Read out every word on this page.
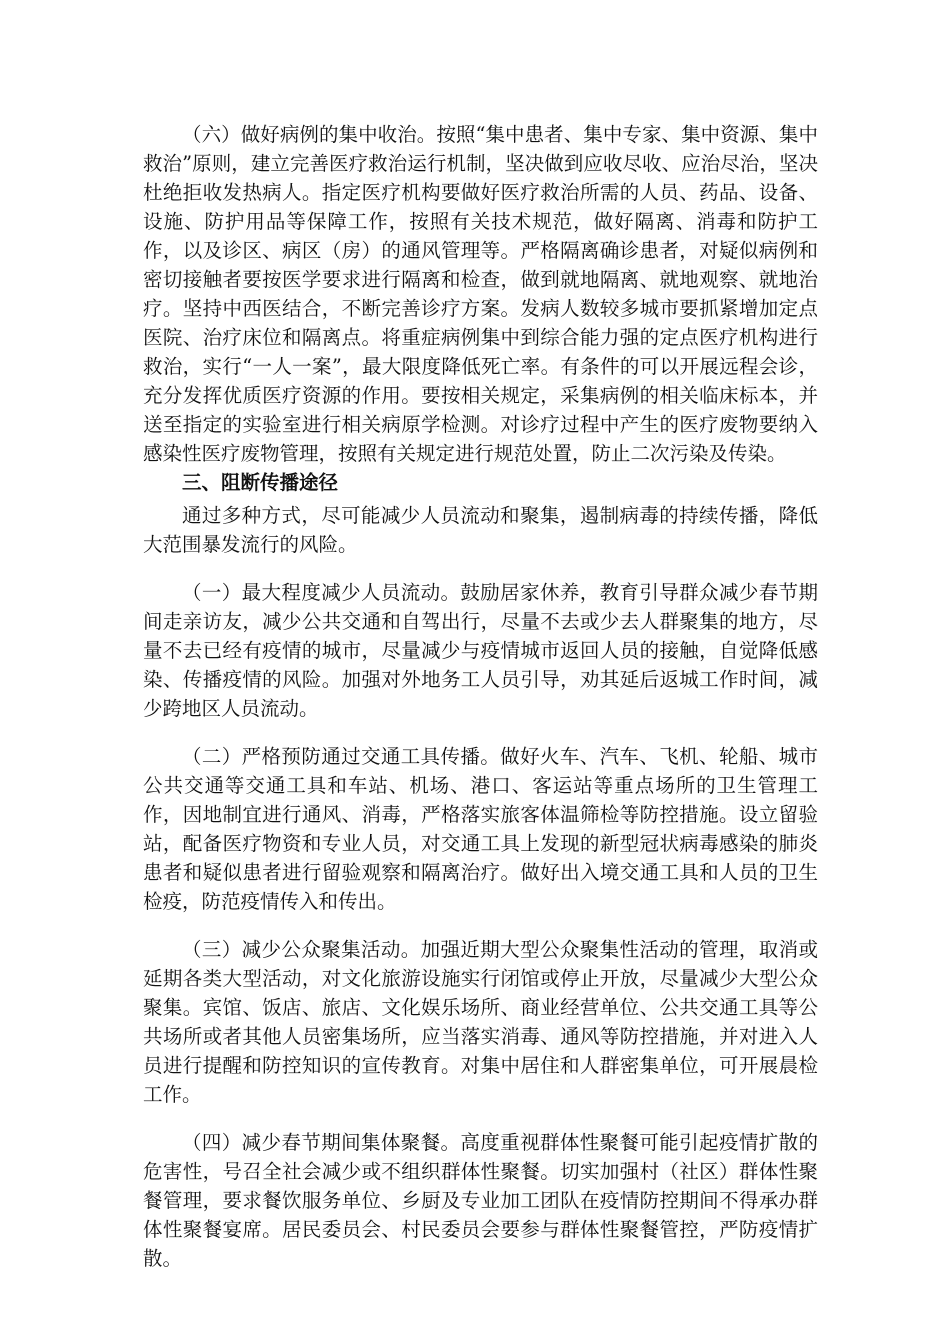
（六）做好病例的集中收治。按照“集中患者、集中专家、集中资源、集中救治”原则，建立完善医疗救治运行机制，坚决做到应收尽收、应治尽治，坚决杜绝拒收发热病人。指定医疗机构要做好医疗救治所需的人员、药品、设备、设施、防护用品等保障工作，按照有关技术规范，做好隔离、消毒和防护工作，以及诊区、病区（房）的通风管理等。严格隔离确诊患者，对疑似病例和密切接触者要按医学要求进行隔离和检查，做到就地隔离、就地观察、就地治疗。坚持中西医结合，不断完善诊疗方案。发病人数较多城市要抓紧增加定点医院、治疗床位和隔离点。将重症病例集中到综合能力强的定点医疗机构进行救治，实行“一人一案”，最大限度降低死亡率。有条件的可以开展远程会诊，充分发挥优质医疗资源的作用。要按相关规定，采集病例的相关临床标本，并送至指定的实验室进行相关病原学检测。对诊疗过程中产生的医疗废物要纳入感染性医疗废物管理，按照有关规定进行规范处置，防止二次污染及传染。

三、阻断传播途径

通过多种方式，尽可能减少人员流动和聚集，遏制病毒的持续传播，降低大范围暴发流行的风险。

（一）最大程度减少人员流动。鼓励居家休养，教育引导群众减少春节期间走亲访友，减少公共交通和自驾出行，尽量不去或少去人群聚集的地方，尽量不去已经有疫情的城市，尽量减少与疫情城市返回人员的接触，自觉降低感染、传播疫情的风险。加强对外地务工人员引导，劝其延后返城工作时间，减少跨地区人员流动。

（二）严格预防通过交通工具传播。做好火车、汽车、飞机、轮船、城市公共交通等交通工具和车站、机场、港口、客运站等重点场所的卫生管理工作，因地制宜进行通风、消毒，严格落实旅客体温筛检等防控措施。设立留验站，配备医疗物资和专业人员，对交通工具上发现的新型冠状病毒感染的肺炎患者和疑似患者进行留验观察和隔离治疗。做好出入境交通工具和人员的卫生检疫，防范疫情传入和传出。

（三）减少公众聚集活动。加强近期大型公众聚集性活动的管理，取消或延期各类大型活动，对文化旅游设施实行闭馆或停止开放，尽量减少大型公众聚集。宾馆、饭店、旅店、文化娱乐场所、商业经营单位、公共交通工具等公共场所或者其他人员密集场所，应当落实消毒、通风等防控措施，并对进入人员进行提醒和防控知识的宣传教育。对集中居住和人群密集单位，可开展晨检工作。

（四）减少春节期间集体聚餐。高度重视群体性聚餐可能引起疫情扩散的危害性，号召全社会减少或不组织群体性聚餐。切实加强村（社区）群体性聚餐管理，要求餐饮服务单位、乡厨及专业加工团队在疫情防控期间不得承办群体性聚餐宴席。居民委员会、村民委员会要参与群体性聚餐管控，严防疫情扩散。
